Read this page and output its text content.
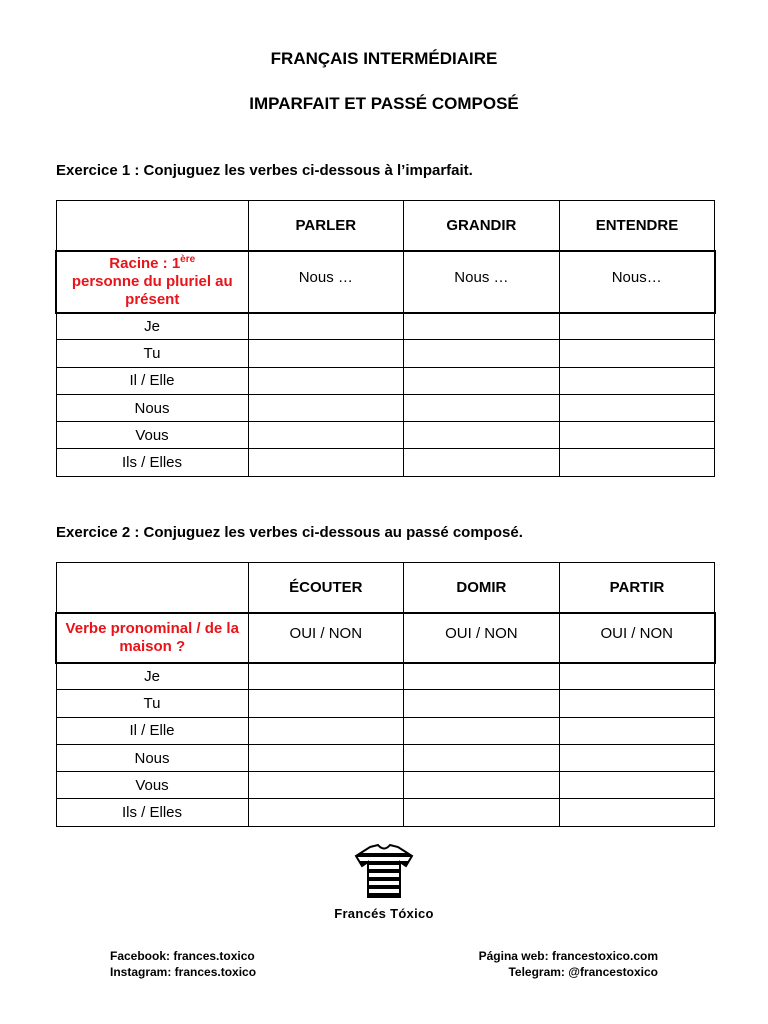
FRANÇAIS INTERMÉDIAIRE
IMPARFAIT ET PASSÉ COMPOSÉ
Exercice 1 : Conjuguez les verbes ci-dessous à l’imparfait.
	PARLER	GRANDIR	ENTENDRE
Racine : 1ère
personne du pluriel au présent	Nous …	Nous …	Nous…
Je			
Tu			
Il / Elle			
Nous			
Vous			
Ils / Elles			
Exercice 2 : Conjuguez les verbes ci-dessous au passé composé.
	ÉCOUTER	DOMIR	PARTIR
Verbe pronominal / de la maison ?	OUI / NON	OUI / NON	OUI / NON
Je			
Tu			
Il / Elle			
Nous			
Vous			
Ils / Elles			
Francés Tóxico
Facebook: frances.toxico
Instagram: frances.toxico
Página web: francestoxico.com
Telegram: @francestoxico
